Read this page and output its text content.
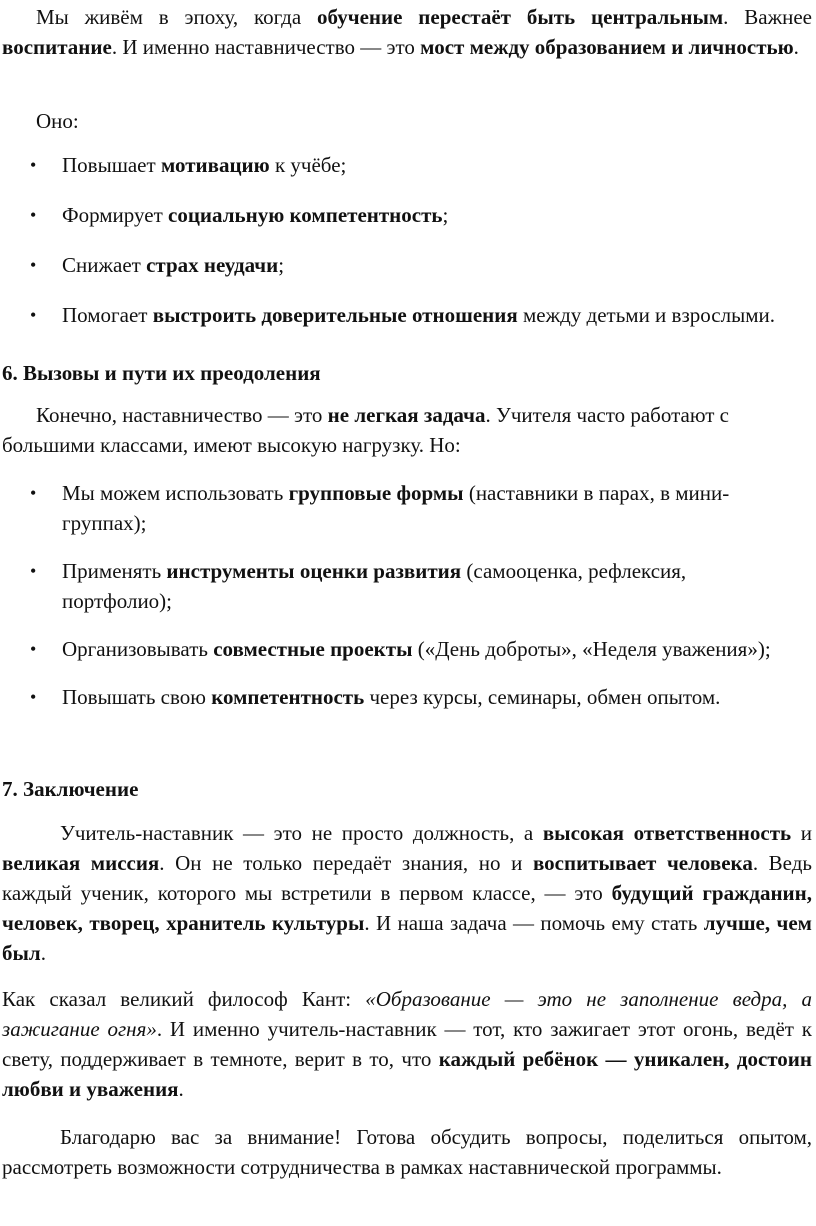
Мы живём в эпоху, когда обучение перестаёт быть центральным. Важнее воспитание. И именно наставничество — это мост между образованием и личностью.

Оно:

• Повышает мотивацию к учёбе;
• Формирует социальную компетентность;
• Снижает страх неудачи;
• Помогает выстроить доверительные отношения между детьми и взрослыми.
6. Вызовы и пути их преодоления

Конечно, наставничество — это не легкая задача. Учителя часто работают с большими классами, имеют высокую нагрузку. Но:

• Мы можем использовать групповые формы (наставники в парах, в мини-группах);
• Применять инструменты оценки развития (самооценка, рефлексия, портфолио);
• Организовывать совместные проекты («День доброты», «Неделя уважения»);
• Повышать свою компетентность через курсы, семинары, обмен опытом.
7. Заключение

Учитель-наставник — это не просто должность, а высокая ответственность и великая миссия. Он не только передаёт знания, но и воспитывает человека. Ведь каждый ученик, которого мы встретили в первом классе, — это будущий гражданин, человек, творец, хранитель культуры. И наша задача — помочь ему стать лучше, чем был.

Как сказал великий философ Кант: «Образование — это не заполнение ведра, а зажигание огня». И именно учитель-наставник — тот, кто зажигает этот огонь, ведёт к свету, поддерживает в темноте, верит в то, что каждый ребёнок — уникален, достоин любви и уважения.

Благодарю вас за внимание! Готова обсудить вопросы, поделиться опытом, рассмотреть возможности сотрудничества в рамках наставнической программы.
